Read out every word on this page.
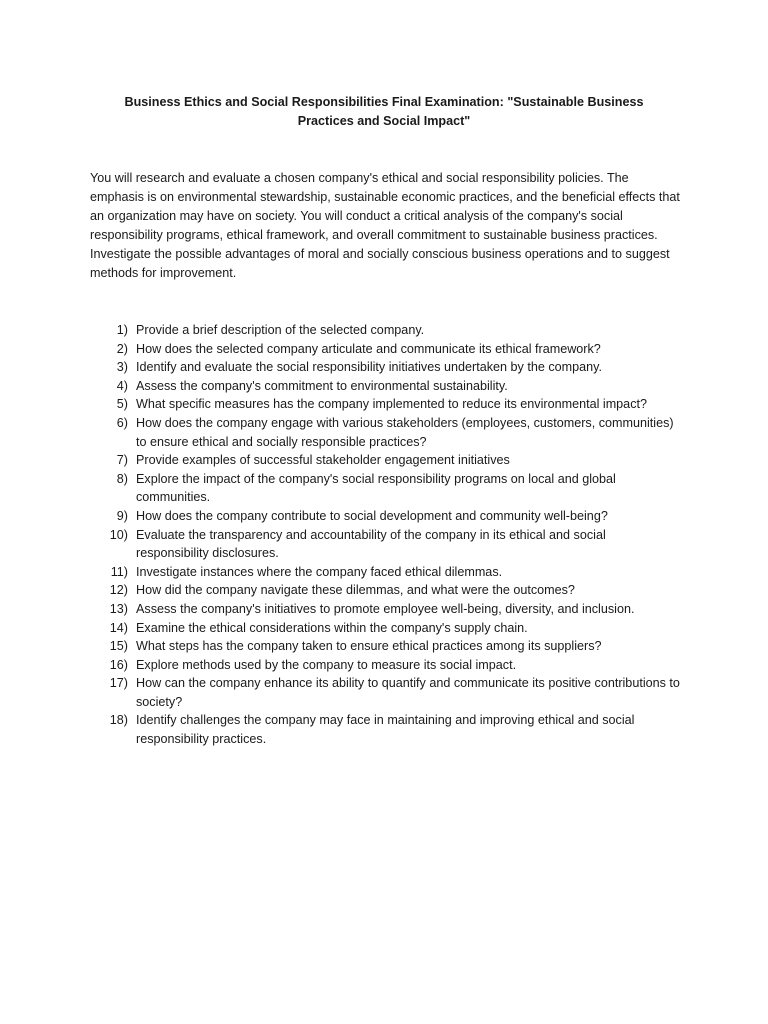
Business Ethics and Social Responsibilities Final Examination: "Sustainable Business Practices and Social Impact"

You will research and evaluate a chosen company's ethical and social responsibility policies. The emphasis is on environmental stewardship, sustainable economic practices, and the beneficial effects that an organization may have on society. You will conduct a critical analysis of the company's social responsibility programs, ethical framework, and overall commitment to sustainable business practices. Investigate the possible advantages of moral and socially conscious business operations and to suggest methods for improvement.

1) Provide a brief description of the selected company.
2) How does the selected company articulate and communicate its ethical framework?
3) Identify and evaluate the social responsibility initiatives undertaken by the company.
4) Assess the company's commitment to environmental sustainability.
5) What specific measures has the company implemented to reduce its environmental impact?
6) How does the company engage with various stakeholders (employees, customers, communities) to ensure ethical and socially responsible practices?
7) Provide examples of successful stakeholder engagement initiatives
8) Explore the impact of the company's social responsibility programs on local and global communities.
9) How does the company contribute to social development and community well-being?
10) Evaluate the transparency and accountability of the company in its ethical and social responsibility disclosures.
11) Investigate instances where the company faced ethical dilemmas.
12) How did the company navigate these dilemmas, and what were the outcomes?
13) Assess the company's initiatives to promote employee well-being, diversity, and inclusion.
14) Examine the ethical considerations within the company's supply chain.
15) What steps has the company taken to ensure ethical practices among its suppliers?
16) Explore methods used by the company to measure its social impact.
17) How can the company enhance its ability to quantify and communicate its positive contributions to society?
18) Identify challenges the company may face in maintaining and improving ethical and social responsibility practices.
